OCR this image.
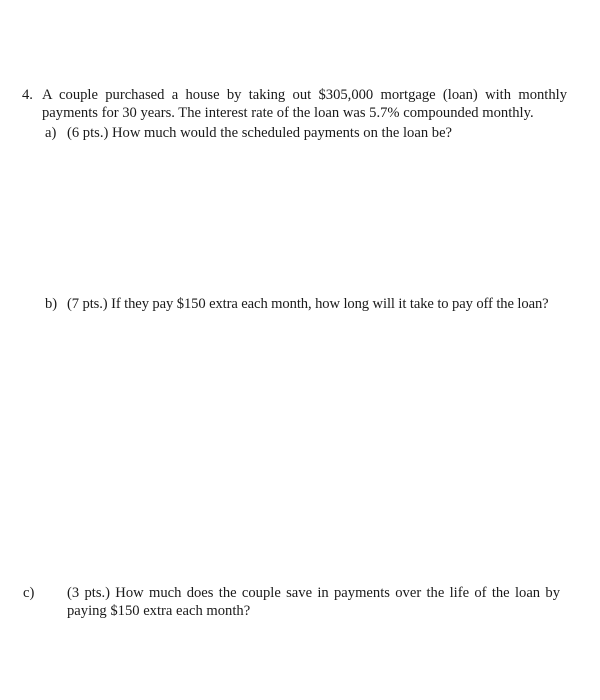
4. A couple purchased a house by taking out $305,000 mortgage (loan) with monthly payments for 30 years. The interest rate of the loan was 5.7% compounded monthly.
a) (6 pts.) How much would the scheduled payments on the loan be?
b) (7 pts.) If they pay $150 extra each month, how long will it take to pay off the loan?
c) (3 pts.) How much does the couple save in payments over the life of the loan by paying $150 extra each month?
